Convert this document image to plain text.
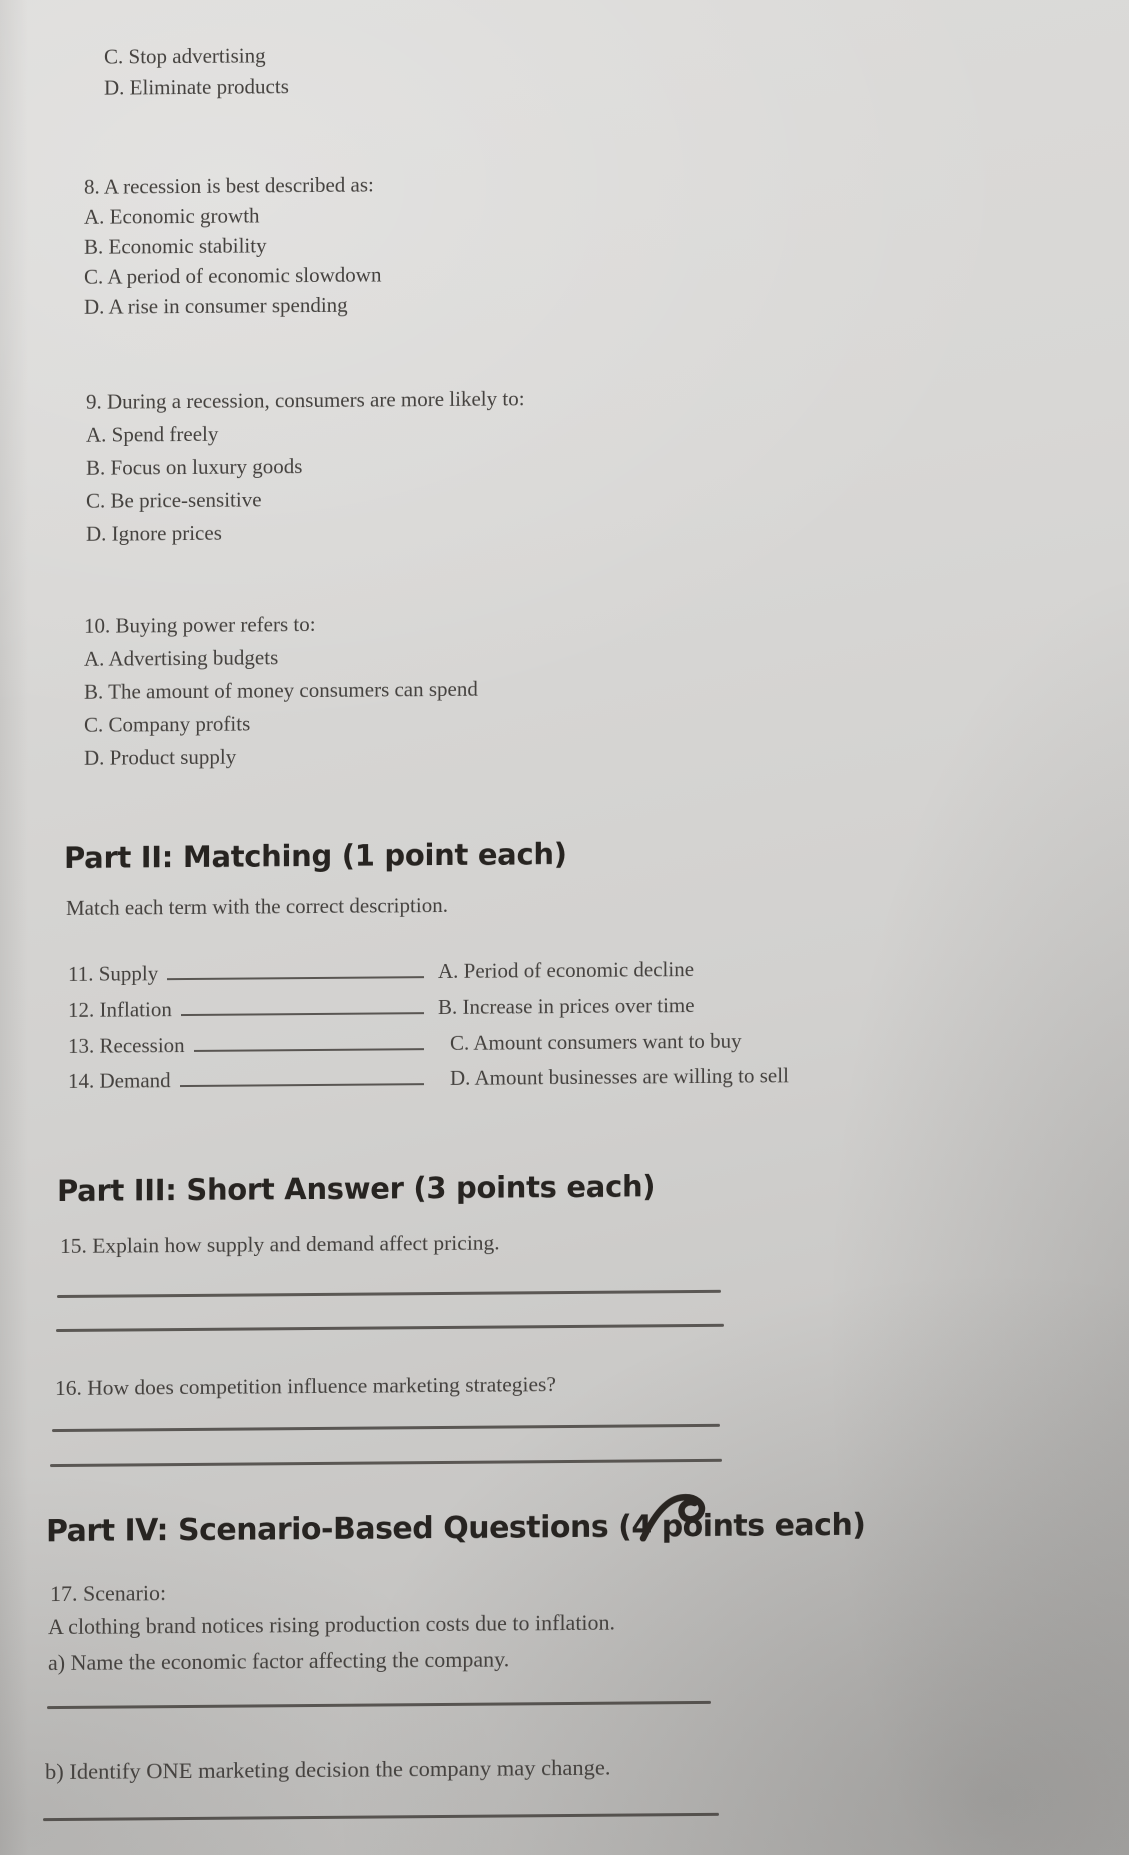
C. Stop advertising
D. Eliminate products
8. A recession is best described as:
A. Economic growth
B. Economic stability
C. A period of economic slowdown
D. A rise in consumer spending
9. During a recession, consumers are more likely to:
A. Spend freely
B. Focus on luxury goods
C. Be price-sensitive
D. Ignore prices
10. Buying power refers to:
A. Advertising budgets
B. The amount of money consumers can spend
C. Company profits
D. Product supply
Part II: Matching (1 point each)
Match each term with the correct description.
11. Supply	A. Period of economic decline
12. Inflation	B. Increase in prices over time
13. Recession	C. Amount consumers want to buy
14. Demand	D. Amount businesses are willing to sell
Part III: Short Answer (3 points each)
15. Explain how supply and demand affect pricing.
16. How does competition influence marketing strategies?
Part IV: Scenario-Based Questions (4 points each)
17. Scenario:
A clothing brand notices rising production costs due to inflation.
a) Name the economic factor affecting the company.
b) Identify ONE marketing decision the company may change.
